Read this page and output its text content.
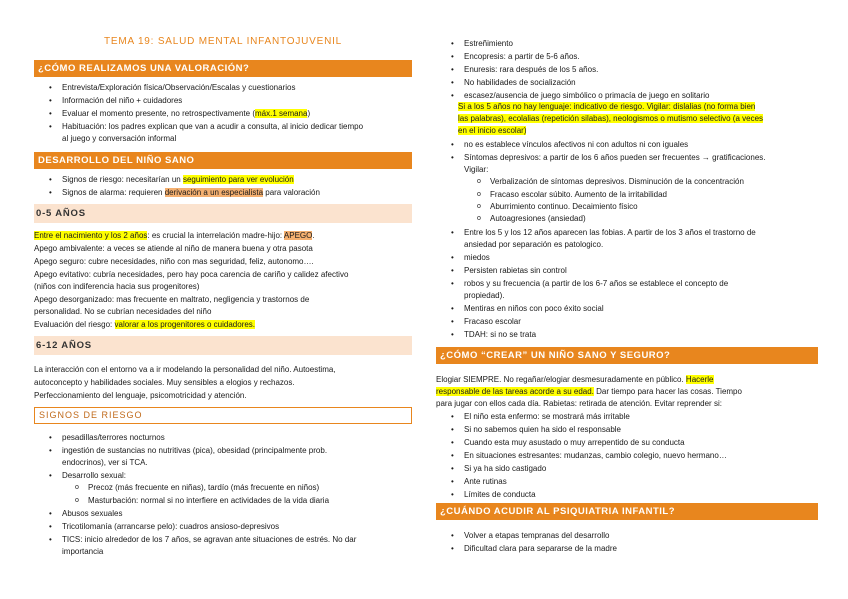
TEMA 19: SALUD MENTAL INFANTOJUVENIL
¿CÓMO REALIZAMOS UNA VALORACIÓN?
• Entrevista/Exploración física/Observación/Escalas y cuestionarios
• Información del niño + cuidadores
• Evaluar el momento presente, no retrospectivamente (máx.1 semana)
• Habituación: los padres explican que van a acudir a consulta, al inicio dedicar tiempo
al juego y conversación informal
DESARROLLO DEL NIÑO SANO
• Signos de riesgo: necesitarían un seguimiento para ver evolución
• Signos de alarma: requieren derivación a un especialista para valoración
0-5 AÑOS
Entre el nacimiento y los 2 años: es crucial la interrelación madre-hijo: APEGO.
Apego ambivalente: a veces se atiende al niño de manera buena y otra pasota
Apego seguro: cubre necesidades, niño con mas seguridad, feliz, autonomo….
Apego evitativo: cubría necesidades, pero hay poca carencia de cariño y calidez afectivo
(niños con indiferencia hacia sus progenitores)
Apego desorganizado: mas frecuente en maltrato, negligencia y trastornos de
personalidad. No se cubrían necesidades del niño
Evaluación del riesgo: valorar a los progenitores o cuidadores.
6-12 AÑOS
La interacción con el entorno va a ir modelando la personalidad del niño. Autoestima,
autoconcepto y habilidades sociales. Muy sensibles a elogios y rechazos.
Perfeccionamiento del lenguaje, psicomotricidad y atención.
SIGNOS DE RIESGO
• pesadillas/terrores nocturnos
• ingestión de sustancias no nutritivas (pica), obesidad (principalmente prob.
endocrinos), ver si TCA.
• Desarrollo sexual:
o Precoz (más frecuente en niñas), tardío (más frecuente en niños)
o Masturbación: normal si no interfiere en actividades de la vida diaria
• Abusos sexuales
• Tricotilomanía (arrancarse pelo): cuadros ansioso-depresivos
• TICS: inicio alrededor de los 7 años, se agravan ante situaciones de estrés. No dar
importancia
• Estreñimiento
• Encopresis: a partir de 5-6 años.
• Enuresis: rara después de los 5 años.
• No habilidades de socialización
• escasez/ausencia de juego simbólico o primacía de juego en solitario
Si a los 5 años no hay lenguaje: indicativo de riesgo. Vigilar: dislalias (no forma bien
las palabras), ecolalias (repetición silabas), neologismos o mutismo selectivo (a veces
en el inicio escolar)
• no es establece vínculos afectivos ni con adultos ni con iguales
• Síntomas depresivos: a partir de los 6 años pueden ser frecuentes → gratificaciones.
Vigilar:
o Verbalización de síntomas depresivos. Disminución de la concentración
o Fracaso escolar súbito. Aumento de la irritabilidad
o Aburrimiento continuo. Decaimiento físico
o Autoagresiones (ansiedad)
• Entre los 5 y los 12 años aparecen las fobias. A partir de los 3 años el trastorno de
ansiedad por separación es patologico.
• miedos
• Persisten rabietas sin control
• robos y su frecuencia (a partir de los 6-7 años se establece el concepto de
propiedad).
• Mentiras en niños con poco éxito social
• Fracaso escolar
• TDAH: si no se trata
¿CÓMO “CREAR” UN NIÑO SANO Y SEGURO?
Elogiar SIEMPRE. No regañar/elogiar desmesuradamente en público. Hacerle
responsable de las tareas acorde a su edad. Dar tiempo para hacer las cosas. Tiempo
para jugar con ellos cada día. Rabietas: retirada de atención. Evitar reprender si:
• El niño esta enfermo: se mostrará más irritable
• Si no sabemos quien ha sido el responsable
• Cuando esta muy asustado o muy arrepentido de su conducta
• En situaciones estresantes: mudanzas, cambio colegio, nuevo hermano…
• Si ya ha sido castigado
• Ante rutinas
• Límites de conducta
¿CUÁNDO ACUDIR AL PSIQUIATRIA INFANTIL?
• Volver a etapas tempranas del desarrollo
• Dificultad clara para separarse de la madre
